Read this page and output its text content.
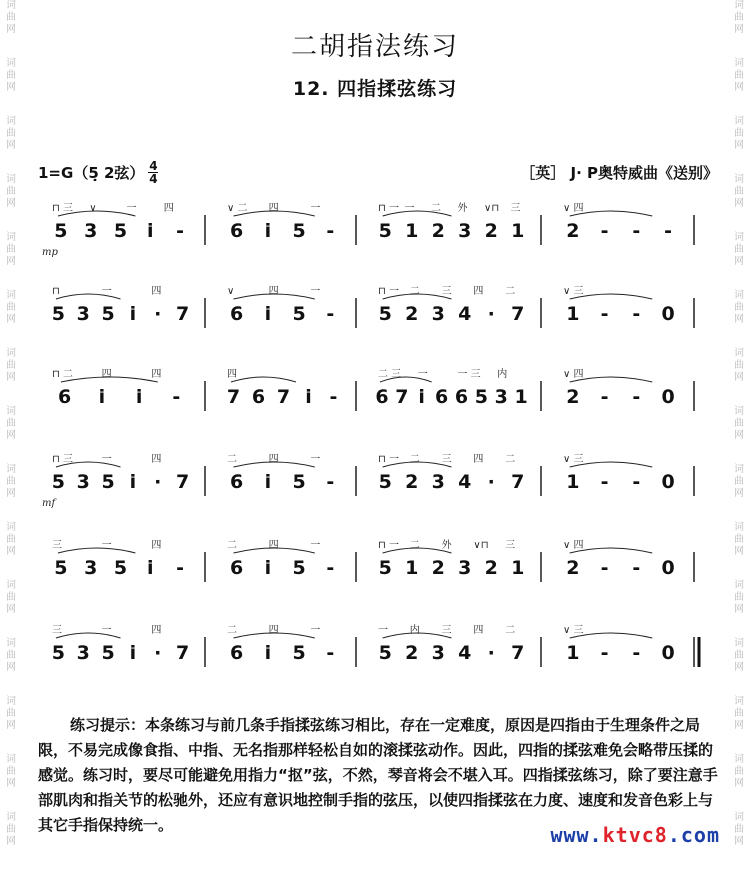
词
曲
网
词
曲
网
词
曲
网
词
曲
网
词
曲
网
词
曲
网
词
曲
网
词
曲
网
词
曲
网
词
曲
网
词
曲
网
词
曲
网
词
曲
网
词
曲
网
词
曲
网
词
曲
网
词
曲
网
词
曲
网
词
曲
网
词
曲
网
词
曲
网
词
曲
网
词
曲
网
词
曲
网
词
曲
网
词
曲
网
词
曲
网
词
曲
网
词
曲
网
词
曲
网
二胡指法练习
12. 四指揉弦练习
1=G（5̣ 2弦） 4
4	［英］ J· P奥特威曲《送别》
5 3 5 i -
⊓ 三 ∨	一	四
6 i 5 -
∨ 二 四	一
5 1 2 3 2 1
⊓ 一 一 二 外 ∨⊓ 三
2 - - -
∨ 四
mp
5 3 5 i · 7
⊓	一	四
6 i 5 -
∨	四	一
5 2 3 4 · 7
⊓ 一 二 三 四 二
1 - - 0
∨ 三
6 i i -
⊓ 二	四	四
7 6 7 i -
四
6 7 i 6 6 5 3 1
二 三 一	一 三 内
2 - - 0
∨ 四
5 3 5 i · 7
⊓ 三	一	四
6 i 5 -
二	四	一
5 2 3 4 · 7
⊓ 一 二 三 四 二
1 - - 0
∨ 三
mf
5 3 5 i -
三	一	四
6 i 5 -
二	四	一
5 1 2 3 2 1
⊓ 一 二 外 ∨⊓ 三
2 - - 0
∨ 四
5 3 5 i · 7
三	一	四
6 i 5 -
二	四	一
5 2 3 4 · 7
一 内 三 四 二
1 - - 0
∨ 三
练习提示：本条练习与前几条手指揉弦练习相比，存在一定难度，原因是四指由于生理条件之局限，不易完成像食指、中指、无名指那样轻松自如的滚揉弦动作。因此，四指的揉弦难免会略带压揉的感觉。练习时，要尽可能避免用指力“抠”弦，不然，琴音将会不堪入耳。四指揉弦练习，除了要注意手部肌肉和指关节的松驰外，还应有意识地控制手指的弦压，以使四指揉弦在力度、速度和发音色彩上与其它手指保持统一。	www.ktvc8.com
